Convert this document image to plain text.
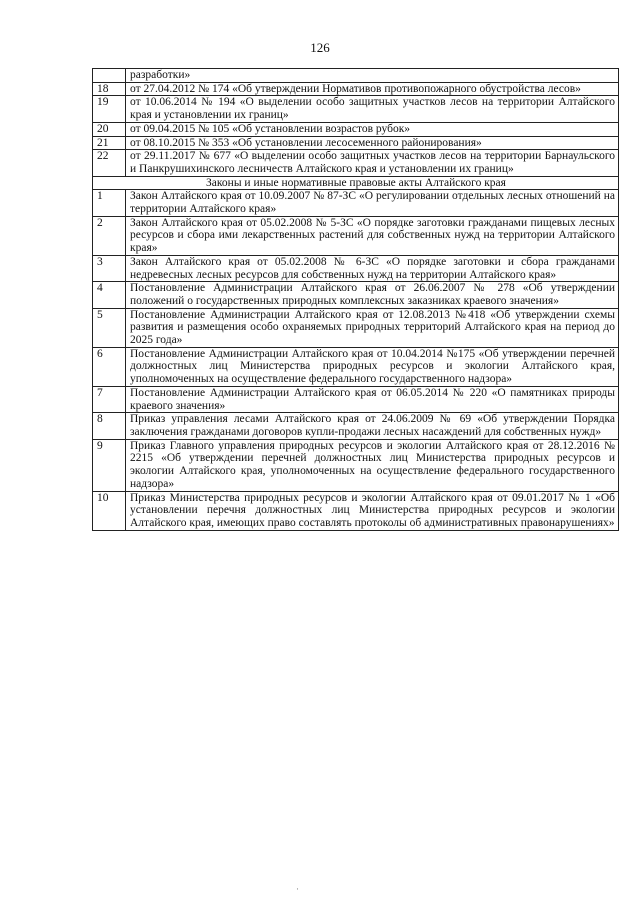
126
	разработки»
18	от 27.04.2012 № 174 «Об утверждении Нормативов противопожарного обустройства лесов»
19	от 10.06.2014 № 194 «О выделении особо защитных участков лесов на территории Алтайского края и установлении их границ»
20	от 09.04.2015 № 105 «Об установлении возрастов рубок»
21	от 08.10.2015 № 353 «Об установлении лесосеменного районирования»
22	от 29.11.2017 № 677 «О выделении особо защитных участков лесов на территории Барнаульского и Панкрушихинского лесничеств Алтайского края и установлении их границ»
Законы и иные нормативные правовые акты Алтайского края	
1	Закон Алтайского края от 10.09.2007 № 87-ЗС «О регулировании отдельных лесных отношений на территории Алтайского края»
2	Закон Алтайского края от 05.02.2008 № 5-ЗС «О порядке заготовки гражданами пищевых лесных ресурсов и сбора ими лекарственных растений для собственных нужд на территории Алтайского края»
3	Закон Алтайского края от 05.02.2008 № 6-ЗС «О порядке заготовки и сбора гражданами недревесных лесных ресурсов для собственных нужд на территории Алтайского края»
4	Постановление Администрации Алтайского края от 26.06.2007 № 278 «Об утверждении положений о государственных природных комплексных заказниках краевого значения»
5	Постановление Администрации Алтайского края от 12.08.2013 №418 «Об утверждении схемы развития и размещения особо охраняемых природных территорий Алтайского края на период до 2025 года»
6	Постановление Администрации Алтайского края от 10.04.2014 №175 «Об утверждении перечней должностных лиц Министерства природных ресурсов и экологии Алтайского края, уполномоченных на осуществление федерального государственного надзора»
7	Постановление Администрации Алтайского края от 06.05.2014 № 220 «О памятниках природы краевого значения»
8	Приказ управления лесами Алтайского края от 24.06.2009 № 69 «Об утверждении Порядка заключения гражданами договоров купли-продажи лесных насаждений для собственных нужд»
9	Приказ Главного управления природных ресурсов и экологии Алтайского края от 28.12.2016 № 2215 «Об утверждении перечней должностных лиц Министерства природных ресурсов и экологии Алтайского края, уполномоченных на осуществление федерального государственного надзора»
10	Приказ Министерства природных ресурсов и экологии Алтайского края от 09.01.2017 № 1 «Об установлении перечня должностных лиц Министерства природных ресурсов и экологии Алтайского края, имеющих право составлять протоколы об административных правонарушениях»
·
